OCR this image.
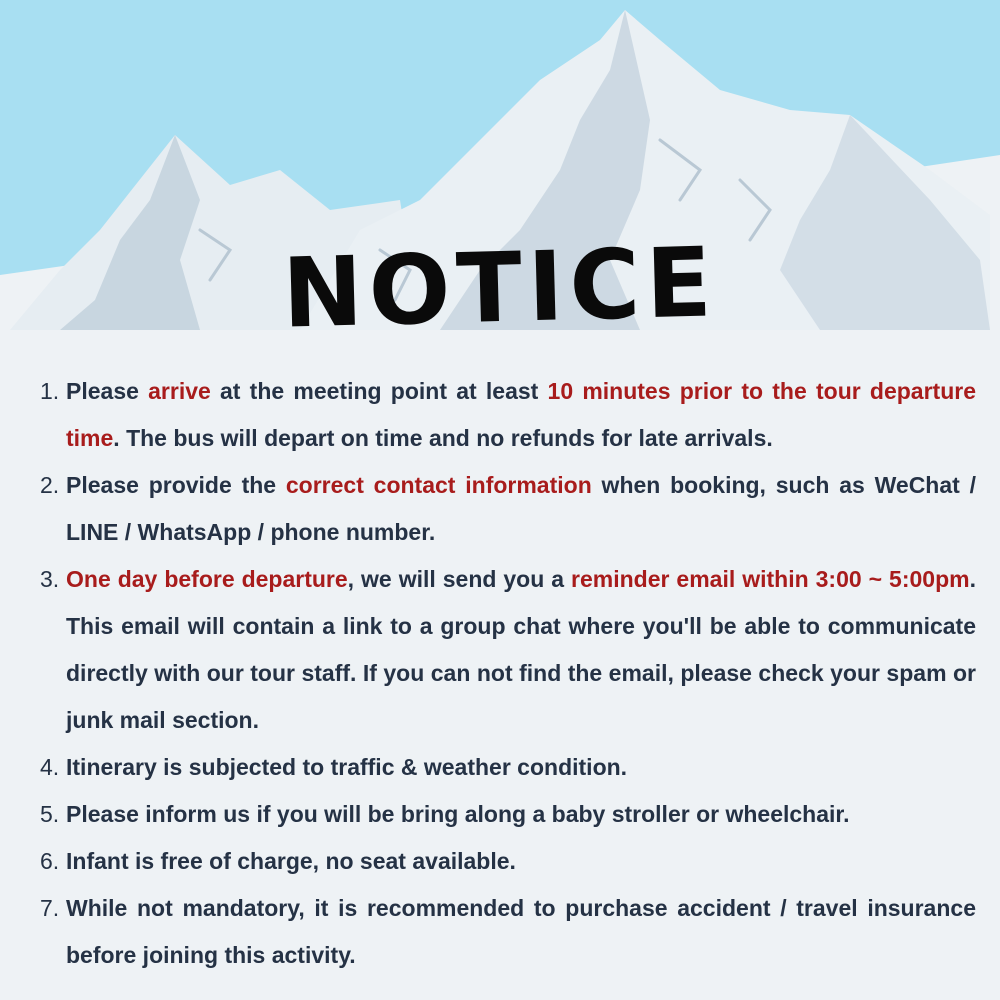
NOTICE
1. Please arrive at the meeting point at least 10 minutes prior to the tour departure time. The bus will depart on time and no refunds for late arrivals.
2. Please provide the correct contact information when booking, such as WeChat / LINE / WhatsApp / phone number.
3. One day before departure, we will send you a reminder email within 3:00 ~ 5:00pm. This email will contain a link to a group chat where you'll be able to communicate directly with our tour staff. If you can not find the email, please check your spam or junk mail section.
4. Itinerary is subjected to traffic & weather condition.
5. Please inform us if you will be bring along a baby stroller or wheelchair.
6. Infant is free of charge, no seat available.
7. While not mandatory, it is recommended to purchase accident / travel insurance before joining this activity.
